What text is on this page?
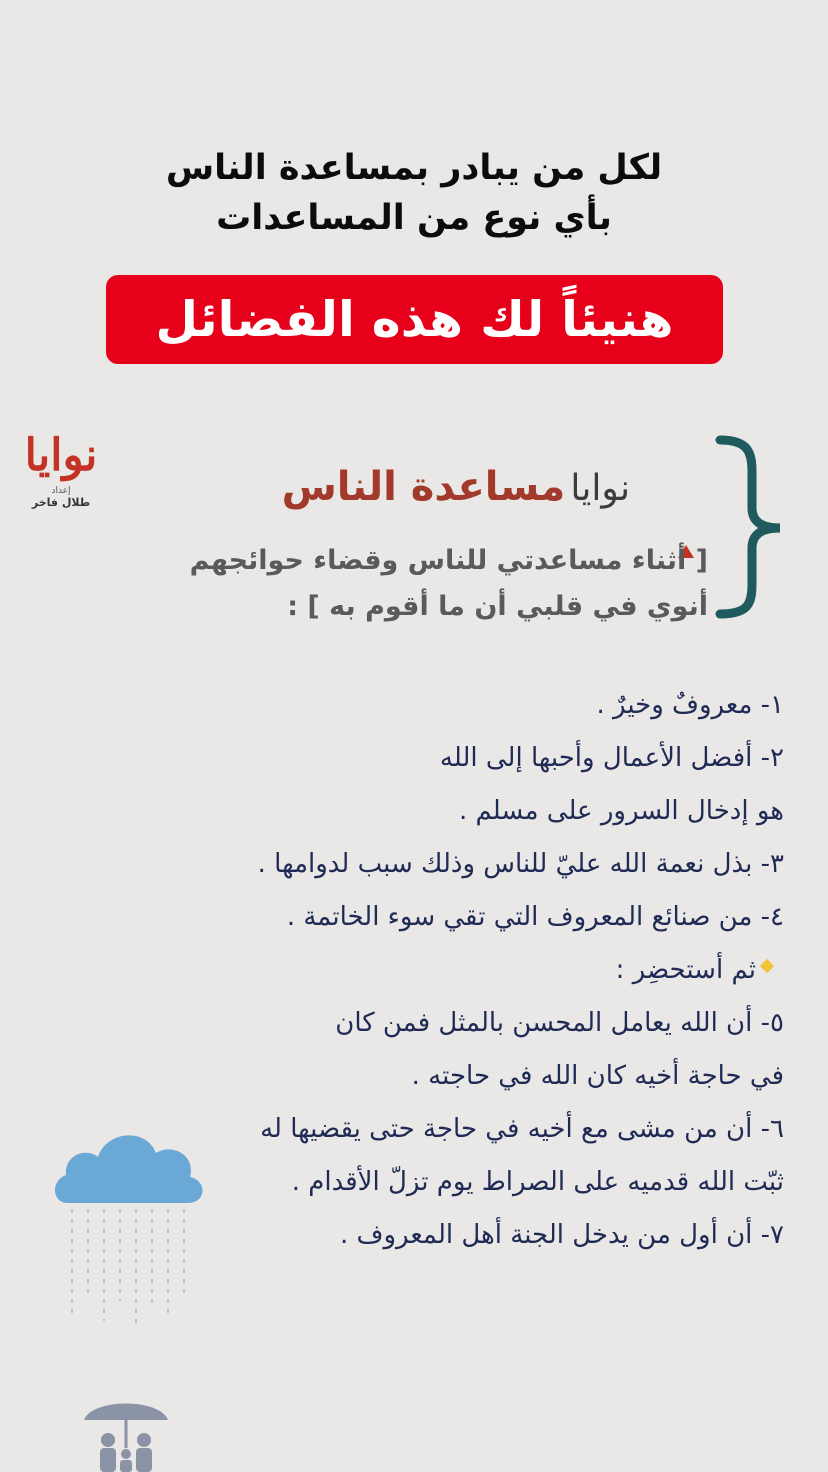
لكل من يبادر بمساعدة الناس
بأي نوع من المساعدات
هنيئاً لك هذه الفضائل
نوايا
إعداد
طلال فاخر	نوايا مساعدة الناس
[ أثناء مساعدتي للناس وقضاء حوائجهم
أنوي في قلبي أن ما أقوم به ] :
١- معروفٌ وخيرٌ .
٢- أفضل الأعمال وأحبها إلى الله
هو إدخال السرور على مسلم .
٣- بذل نعمة الله عليّ للناس وذلك سبب لدوامها .
٤- من صنائع المعروف التي تقي سوء الخاتمة .
ثم أستحضِر :
٥- أن الله يعامل المحسن بالمثل فمن كان
في حاجة أخيه كان الله في حاجته .
٦- أن من مشى مع أخيه في حاجة حتى يقضيها له
ثبّت الله قدميه على الصراط يوم تزلّ الأقدام .
٧- أن أول من يدخل الجنة أهل المعروف .
